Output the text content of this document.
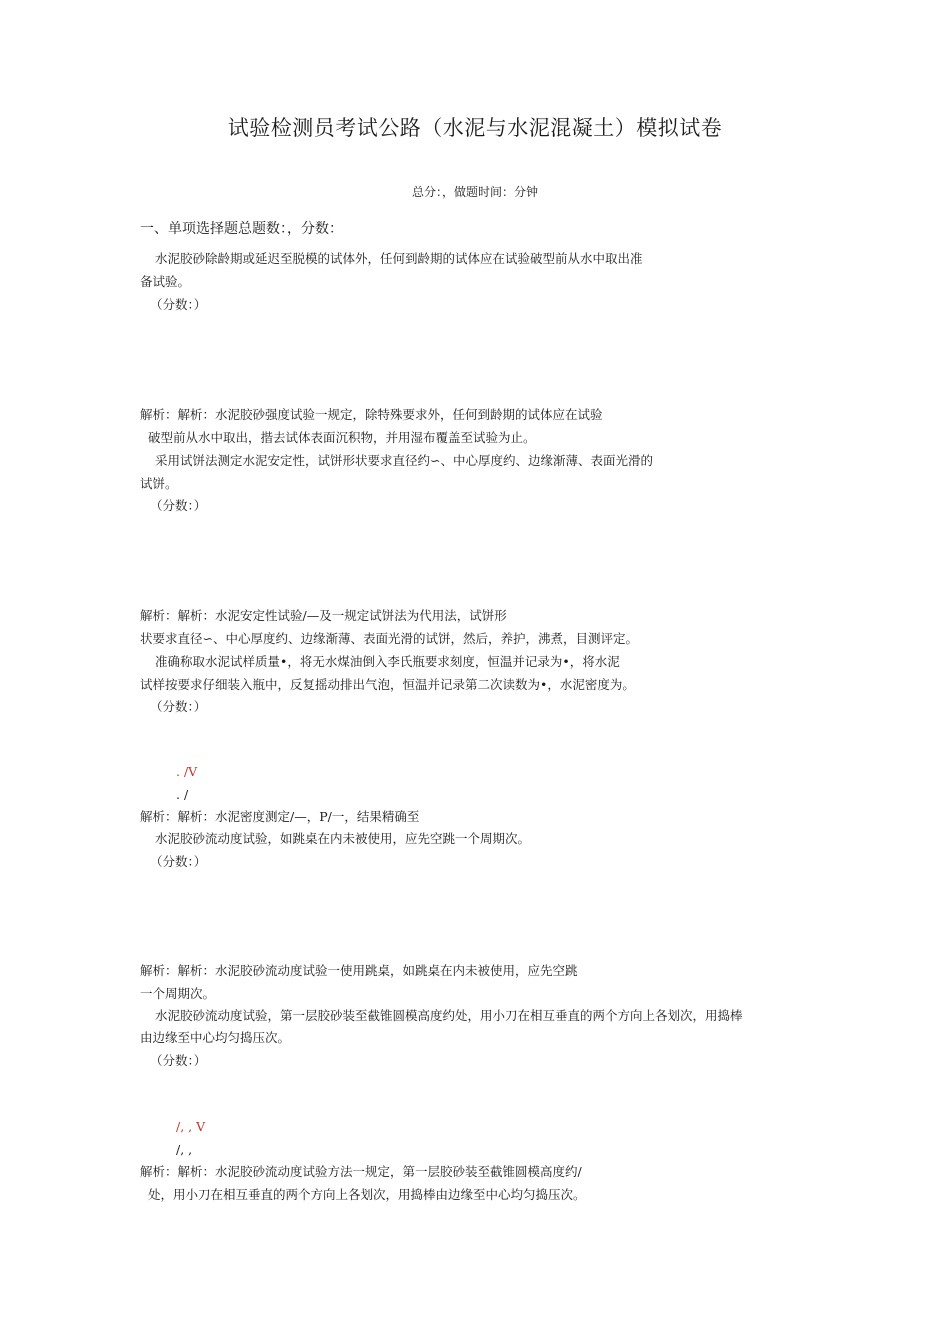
试验检测员考试公路（水泥与水泥混凝土）模拟试卷
总分：，做题时间：分钟
一、单项选择题总题数：，分数：
水泥胶砂除龄期或延迟至脱模的试体外，任何到龄期的试体应在试验破型前从水中取出准
备试验。
（分数：）
解析：解析：水泥胶砂强度试验一规定，除特殊要求外，任何到龄期的试体应在试验
破型前从水中取出，揩去试体表面沉积物，并用湿布覆盖至试验为止。
采用试饼法测定水泥安定性，试饼形状要求直径约∽、中心厚度约、边缘渐薄、表面光滑的
试饼。
（分数：）
解析：解析：水泥安定性试验/—及一规定试饼法为代用法，试饼形
状要求直径∽、中心厚度约、边缘渐薄、表面光滑的试饼，然后，养护，沸煮，目测评定。
准确称取水泥试样质量•，将无水煤油倒入李氏瓶要求刻度，恒温并记录为•，将水泥
试样按要求仔细装入瓶中，反复摇动排出气泡，恒温并记录第二次读数为•，水泥密度为。
（分数：）
. /V
. /
解析：解析：水泥密度测定/—，P/一，结果精确至
水泥胶砂流动度试验，如跳桌在内未被使用，应先空跳一个周期次。
（分数：）
解析：解析：水泥胶砂流动度试验一使用跳桌，如跳桌在内未被使用，应先空跳
一个周期次。
水泥胶砂流动度试验，第一层胶砂装至截锥圆模高度约处，用小刀在相互垂直的两个方向上各划次，用捣棒
由边缘至中心均匀捣压次。
（分数：）
/, , V
/, ,
解析：解析：水泥胶砂流动度试验方法一规定，第一层胶砂装至截锥圆模高度约/
处，用小刀在相互垂直的两个方向上各划次，用捣棒由边缘至中心均匀捣压次。
